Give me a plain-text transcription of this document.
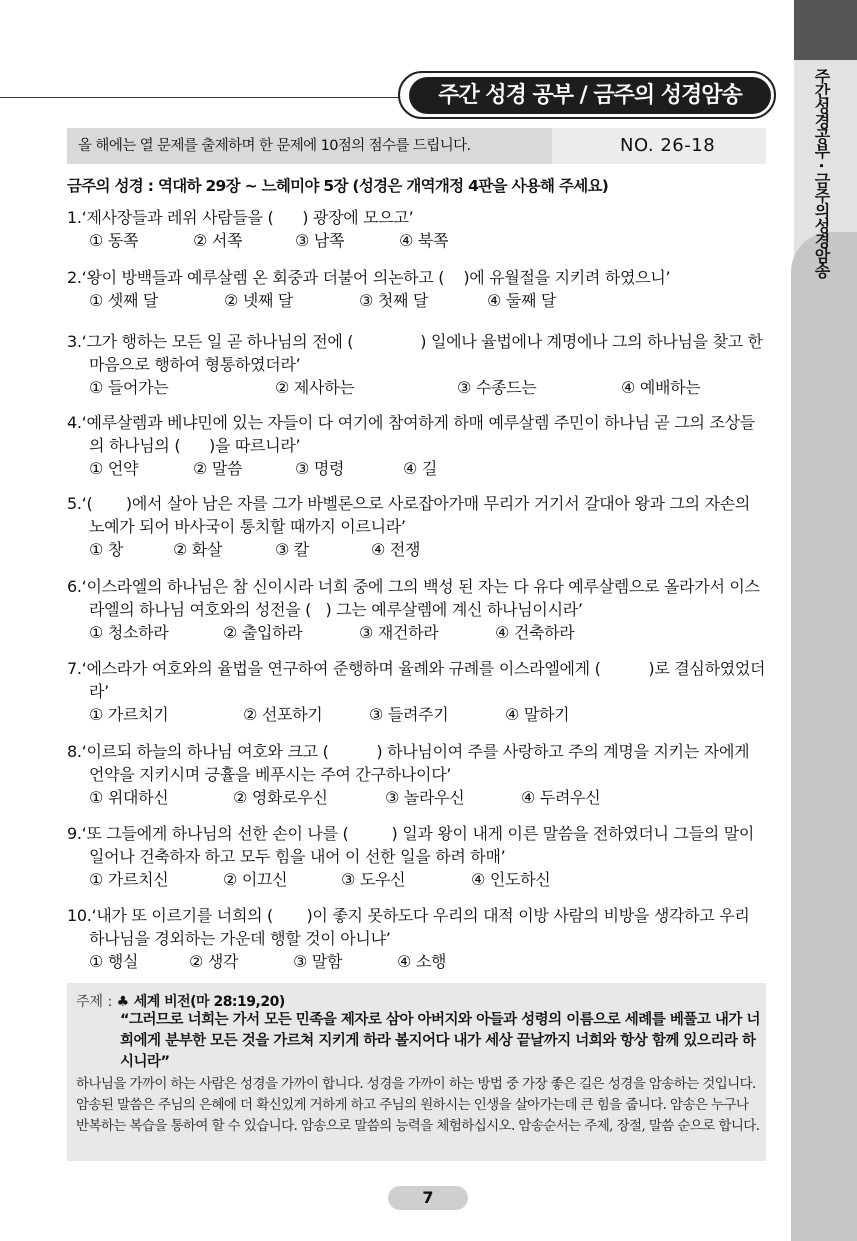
주간성경공부 · 금주의성경암송
주간 성경 공부 / 금주의 성경암송
올 해에는 열 문제를 출제하며 한 문제에 10점의 점수를 드립니다.	NO. 26-18
금주의 성경 : 역대하 29장 ~ 느헤미야 5장 (성경은 개역개정 4판을 사용해 주세요)
1.‘제사장들과 레위 사람들을 (      ) 광장에 모으고’
① 동쪽	② 서쪽	③ 남쪽	④ 북쪽
2.‘왕이 방백들과 예루살렘 온 회중과 더불어 의논하고 (    )에 유월절을 지키려 하였으니’
① 셋째 달	② 넷째 달	③ 첫째 달	④ 둘째 달
3.‘그가 행하는 모든 일 곧 하나님의 전에 (              ) 일에나 율법에나 계명에나 그의 하나님을 찾고 한 마음으로 행하여 형통하였더라’
① 들어가는	② 제사하는	③ 수종드는	④ 예배하는
4.‘예루살렘과 베냐민에 있는 자들이 다 여기에 참여하게 하매 예루살렘 주민이 하나님 곧 그의 조상들의 하나님의 (      )을 따르니라’
① 언약	② 말씀	③ 명령	④ 길
5.‘(       )에서 살아 남은 자를 그가 바벨론으로 사로잡아가매 무리가 거기서 갈대아 왕과 그의 자손의 노예가 되어 바사국이 통치할 때까지 이르니라’
① 창	② 화살	③ 칼	④ 전쟁
6.‘이스라엘의 하나님은 참 신이시라 너희 중에 그의 백성 된 자는 다 유다 예루살렘으로 올라가서 이스라엘의 하나님 여호와의 성전을 (   ) 그는 예루살렘에 계신 하나님이시라’
① 청소하라	② 출입하라	③ 재건하라	④ 건축하라
7.‘에스라가 여호와의 율법을 연구하여 준행하며 율례와 규례를 이스라엘에게 (          )로 결심하였었더라’
① 가르치기	② 선포하기	③ 들려주기	④ 말하기
8.‘이르되 하늘의 하나님 여호와 크고 (          ) 하나님이여 주를 사랑하고 주의 계명을 지키는 자에게 언약을 지키시며 긍휼을 베푸시는 주여 간구하나이다’
① 위대하신	② 영화로우신	③ 놀라우신	④ 두려우신
9.‘또 그들에게 하나님의 선한 손이 나를 (         ) 일과 왕이 내게 이른 말씀을 전하였더니 그들의 말이 일어나 건축하자 하고 모두 힘을 내어 이 선한 일을 하려 하매’
① 가르치신	② 이끄신	③ 도우신	④ 인도하신
10.‘내가 또 이르기를 너희의 (       )이 좋지 못하도다 우리의 대적 이방 사람의 비방을 생각하고 우리 하나님을 경외하는 가운데 행할 것이 아니냐’
① 행실	② 생각	③ 말함	④ 소행
주제 : ♣ 세계 비전(마 28:19,20)
“그러므로 너희는 가서 모든 민족을 제자로 삼아 아버지와 아들과 성령의 이름으로 세례를 베풀고 내가 너희에게 분부한 모든 것을 가르쳐 지키게 하라 볼지어다 내가 세상 끝날까지 너희와 항상 함께 있으리라 하시니라”
하나님을 가까이 하는 사람은 성경을 가까이 합니다. 성경을 가까이 하는 방법 중 가장 좋은 길은 성경을 암송하는 것입니다. 암송된 말씀은 주님의 은혜에 더 확신있게 거하게 하고 주님의 원하시는 인생을 살아가는데 큰 힘을 줍니다. 암송은 누구나 반복하는 복습을 통하여 할 수 있습니다. 암송으로 말씀의 능력을 체험하십시오. 암송순서는 주제, 장절, 말씀 순으로 합니다.
7
